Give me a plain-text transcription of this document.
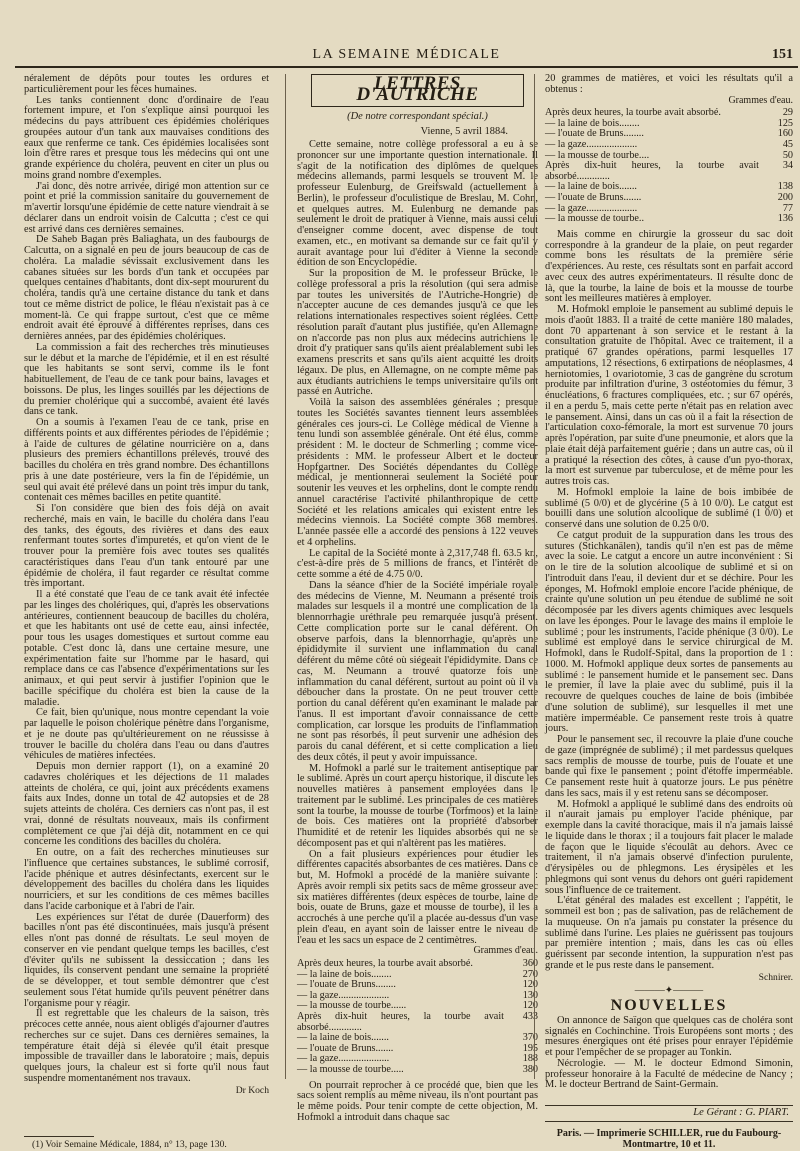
LA SEMAINE MÉDICALE	151

néralement de dépôts pour toutes les ordures et particulièrement pour les fèces humaines.

Les tanks contiennent donc d'ordinaire de l'eau fortement impure, et l'on s'explique ainsi pourquoi les médecins du pays attribuent ces épidémies cholériques groupées autour d'un tank aux mauvaises conditions des eaux que renferme ce tank. Ces épidémies localisées sont loin d'être rares et presque tous les médecins qui ont une grande expérience du choléra, peuvent en citer un plus ou moins grand nombre d'exemples.

J'ai donc, dès notre arrivée, dirigé mon attention sur ce point et prié la commission sanitaire du gouvernement de m'avertir lorsqu'une épidémie de cette nature viendrait à se déclarer dans un endroit voisin de Calcutta ; c'est ce qui est arrivé dans ces dernières semaines.

De Saheb Bagan près Baliaghata, un des faubourgs de Calcutta, on a signalé en peu de jours beaucoup de cas de choléra. La maladie sévissait exclusivement dans les cabanes situées sur les bords d'un tank et occupées par quelques centaines d'habitants, dont dix-sept moururent du choléra, tandis qu'à une certaine distance du tank et dans tout ce même district de police, le fléau n'existait pas à ce moment-là. Ce qui frappe surtout, c'est que ce même endroit avait été éprouvé à différentes reprises, dans ces dernières années, par des épidémies cholériques.

La commission a fait des recherches très minutieuses sur le début et la marche de l'épidémie, et il en est résulté que les habitants se sont servi, comme ils le font habituellement, de l'eau de ce tank pour bains, lavages et boissons. De plus, les linges souillés par les déjections de du premier cholérique qui a succombé, avaient été lavés dans ce tank.

On a soumis à l'examen l'eau de ce tank, prise en différents points et aux différentes périodes de l'épidémie ; à l'aide de cultures de gélatine nourricière on a, dans plusieurs des premiers échantillons prélevés, trouvé des bacilles du choléra en très grand nombre. Des échantillons pris à une date postérieure, vers la fin de l'épidémie, un seul qui avait été prélevé dans un point très impur du tank, contenait ces mêmes bacilles en petite quantité.

Si l'on considère que bien des fois déjà on avait recherché, mais en vain, le bacille du choléra dans l'eau des tanks, des égouts, des rivières et dans des eaux renfermant toutes sortes d'impuretés, et qu'on vient de le trouver pour la première fois avec toutes ses qualités caractéristiques dans l'eau d'un tank entouré par une épidémie de choléra, il faut regarder ce résultat comme très important.

Il a été constaté que l'eau de ce tank avait été infectée par les linges des cholériques, qui, d'après les observations antérieures, contiennent beaucoup de bacilles du choléra, et que les habitants ont usé de cette eau, ainsi infectée, pour tous les usages domestiques et surtout comme eau potable. C'est donc là, dans une certaine mesure, une expérimentation faite sur l'homme par le hasard, qui remplace dans ce cas l'absence d'expérimentations sur les animaux, et qui peut servir à justifier l'opinion que le bacille spécifique du choléra est bien la cause de la maladie.

Ce fait, bien qu'unique, nous montre cependant la voie par laquelle le poison cholérique pénètre dans l'organisme, et je ne doute pas qu'ultérieurement on ne réussisse à trouver le bacille du choléra dans l'eau ou dans d'autres véhicules de matières infectées.

Depuis mon dernier rapport (1), on a examiné 20 cadavres cholériques et les déjections de 11 malades atteints de choléra, ce qui, joint aux précédents examens faits aux Indes, donne un total de 42 autopsies et de 28 sujets atteints de choléra. Ces derniers cas n'ont pas, il est vrai, donné de résultats nouveaux, mais ils confirment complètement ce que j'ai déjà dit, notamment en ce qui concerne les conditions des bacilles du choléra.

En outre, on a fait des recherches minutieuses sur l'influence que certaines substances, le sublimé corrosif, l'acide phénique et autres désinfectants, exercent sur le développement des bacilles du choléra dans les liquides nourriciers, et sur les conditions de ces mêmes bacilles dans l'acide carbonique et à l'abri de l'air.

Les expériences sur l'état de durée (Dauerform) des bacilles n'ont pas été discontinuées, mais jusqu'à présent elles n'ont pas donné de résultats. Le seul moyen de conserver en vie pendant quelque temps les bacilles, c'est d'éviter qu'ils ne subissent la dessiccation ; dans les liquides, ils conservent pendant une semaine la propriété de se développer, et tout semble démontrer que c'est seulement sous l'état humide qu'ils peuvent pénétrer dans l'organisme pour y réagir.

Il est regrettable que les chaleurs de la saison, très précoces cette année, nous aient obligés d'ajourner d'autres recherches sur ce sujet. Dans ces dernières semaines, la température était déjà si élevée qu'il était presque impossible de travailler dans le laboratoire ; mais, depuis quelques jours, la chaleur est si forte qu'il nous faut suspendre momentanément nos travaux.

Dr Koch

(1) Voir Semaine Médicale, 1884, n° 13, page 130.

LETTRES D'AUTRICHE
(De notre correspondant spécial.)
Vienne, 5 avril 1884.

Cette semaine, notre collège professoral a eu à se prononcer sur une importante question internationale. Il s'agit de la notification des diplômes de quelques médecins allemands, parmi lesquels se trouvent M. le professeur Eulenburg, de Greifswald (actuellement à Berlin), le professeur d'oculistique de Breslau, M. Cohn, et quelques autres. M. Eulenburg ne demande pas seulement le droit de pratiquer à Vienne, mais aussi celui d'enseigner comme docent, avec dispense de tout examen, etc., en motivant sa demande sur ce fait qu'il y aurait avantage pour lui d'éditer à Vienne la seconde édition de son Encyclopédie.

Sur la proposition de M. le professeur Brücke, le collège professoral a pris la résolution (qui sera admise par toutes les universités de l'Autriche-Hongrie) de n'accepter aucune de ces demandes jusqu'à ce que les relations internationales respectives soient réglées. Cette résolution paraît d'autant plus justifiée, qu'en Allemagne on n'accorde pas non plus aux médecins autrichiens le droit d'y pratiquer sans qu'ils aient préalablement subi les examens prescrits et sans qu'ils aient acquitté les droits légaux. De plus, en Allemagne, on ne compte même pas aux étudiants autrichiens le temps universitaire qu'ils ont passé en Autriche.

Voilà la saison des assemblées générales ; presque toutes les Sociétés savantes tiennent leurs assemblées générales ces jours-ci. Le Collège médical de Vienne a tenu lundi son assemblée générale. Ont été élus, comme président : M. le docteur de Schmerling ; comme vice-présidents : MM. le professeur Albert et le docteur Hopfgartner. Des Sociétés dépendantes du Collège médical, je mentionnerai seulement la Société pour soutenir les veuves et les orphelins, dont le compte rendu annuel caractérise l'activité philanthropique de cette Société et les relations amicales qui existent entre les médecins viennois. La Société compte 368 membres. L'année passée elle a accordé des pensions à 122 veuves et 4 orphelins.

Le capital de la Société monte à 2,317,748 fl. 63.5 kr., c'est-à-dire près de 5 millions de francs, et l'intérêt de cette somme a été de 4.75 0/0.

Dans la séance d'hier de la Société impériale royale des médecins de Vienne, M. Neumann a présenté trois malades sur lesquels il a montré une complication de la blennorrhagie uréthrale peu remarquée jusqu'à présent. Cette complication porte sur le canal déférent. On observe parfois, dans la blennorrhagie, qu'après une épididymite il survient une inflammation du canal déférent du même côté où siégeait l'épididymite. Dans ce cas, M. Neumann a trouvé quatorze fois une inflammation du canal déférent, surtout au point où il va déboucher dans la prostate. On ne peut trouver cette portion du canal déférent qu'en examinant le malade par l'anus. Il est important d'avoir connaissance de cette complication, car lorsque les produits de l'inflammation ne sont pas résorbés, il peut survenir une adhésion des parois du canal déférent, et si cette complication a lieu des deux côtés, il peut y avoir impuissance.

M. Hofmokl a parlé sur le traitement antiseptique par le sublimé. Après un court aperçu historique, il discute les nouvelles matières à pansement employées dans le traitement par le sublimé. Les principales de ces matières sont la tourbe, la mousse de tourbe (Torfmoos) et la laine de bois. Ces matières ont la propriété d'absorber l'humidité et de retenir les liquides absorbés qui ne se décomposent pas et qui n'altèrent pas les matières.

On a fait plusieurs expériences pour étudier les différentes capacités absorbantes de ces matières. Dans ce but, M. Hofmokl a procédé de la manière suivante : Après avoir rempli six petits sacs de même grosseur avec six matières différentes (deux espèces de tourbe, laine de bois, ouate de Bruns, gaze et mousse de tourbe), il les a accrochés à une perche qu'il a placée au-dessus d'un vase plein d'eau, en ayant soin de laisser entre le niveau de l'eau et les sacs un espace de 2 centimètres.

Grammes d'eau.
Après deux heures, la tourbe avait absorbé.	360
— la laine de bois........	270
— l'ouate de Bruns........	120
— la gaze....................	130
— la mousse de tourbe......	120
Après dix-huit heures, la tourbe avait absorbé.............	433
— la laine de bois.......	370
— l'ouate de Bruns.......	195
— la gaze....................	188
— la mousse de tourbe.....	380

On pourrait reprocher à ce procédé que, bien que les sacs soient remplis au même niveau, ils n'ont pourtant pas le même poids. Pour tenir compte de cette objection, M. Hofmokl a introduit dans chaque sac

20 grammes de matières, et voici les résultats qu'il a obtenus :

Grammes d'eau.
Après deux heures, la tourbe avait absorbé.	29
— la laine de bois........	125
— l'ouate de Bruns........	160
— la gaze....................	45
— la mousse de tourbe....	50
Après dix-huit heures, la tourbe avait absorbé.............	34
— la laine de bois.......	138
— l'ouate de Bruns.......	200
— la gaze....................	77
— la mousse de tourbe..	136

Mais comme en chirurgie la grosseur du sac doit correspondre à la grandeur de la plaie, on peut regarder comme bons les résultats de la première série d'expériences. Au reste, ces résultats sont en parfait accord avec ceux des autres expérimentateurs. Il résulte donc de là, que la tourbe, la laine de bois et la mousse de tourbe sont les meilleures matières à employer.

M. Hofmokl emploie le pansement au sublimé depuis le mois d'août 1883. Il a traité de cette manière 180 malades, dont 70 appartenant à son service et le restant à la consultation gratuite de l'hôpital. Avec ce traitement, il a pratiqué 67 grandes opérations, parmi lesquelles 17 amputations, 12 résections, 6 extirpations de néoplasmes, 4 herniotomies, 1 ovariotomie, 3 cas de gangrène du scrotum produite par infiltration d'urine, 3 ostéotomies du fémur, 3 énucléations, 6 fractures compliquées, etc. ; sur 67 opérés, il en a perdu 5, mais cette perte n'était pas en relation avec le pansement. Ainsi, dans un cas où il a fait la résection de l'articulation coxo-fémorale, la mort est survenue 70 jours après l'opération, par suite d'une pneumonie, et alors que la plaie était déjà parfaitement guérie ; dans un autre cas, où il a pratiqué la résection des côtes, à cause d'un pyo-thorax, la mort est survenue par tuberculose, et de même pour les autres trois cas.

M. Hofmokl emploie la laine de bois imbibée de sublimé (5 0/0) et de glycérine (5 à 10 0/0). Le catgut est bouilli dans une solution alcoolique de sublimé (1 0/0) et conservé dans une solution de 0.25 0/0.

Ce catgut produit de la suppuration dans les trous des sutures (Stichkanälen), tandis qu'il n'en est pas de même avec la soie. Le catgut a encore un autre inconvénient : Si on le tire de la solution alcoolique de sublimé et si on l'introduit dans l'eau, il devient dur et se déchire. Pour les éponges, M. Hofmokl emploie encore l'acide phénique, de crainte qu'une solution un peu étendue de sublimé ne soit décomposée par les divers agents chimiques avec lesquels on lave les éponges. Pour le lavage des mains il emploie le sublimé ; pour les instruments, l'acide phénique (3 0/0). Le sublimé est employé dans le service chirurgical de M. Hofmokl, dans le Rudolf-Spital, dans la proportion de 1 : 1000. M. Hofmokl applique deux sortes de pansements au sublimé : le pansement humide et le pansement sec. Dans le premier, il lave la plaie avec du sublimé, puis il la recouvre de quelques couches de laine de bois (imbibée d'une solution de sublimé), sur lesquelles il met une matière imperméable. Ce pansement reste trois à quatre jours.

Pour le pansement sec, il recouvre la plaie d'une couche de gaze (imprégnée de sublimé) ; il met pardessus quelques sacs remplis de mousse de tourbe, puis de l'ouate et une bande qui fixe le pansement ; point d'étoffe imperméable. Ce pansement reste huit à quatorze jours. Le pus pénètre dans les sacs, mais il y est retenu sans se décomposer.

M. Hofmokl a appliqué le sublimé dans des endroits où il n'aurait jamais pu employer l'acide phénique, par exemple dans la cavité thoracique, mais il n'a jamais laissé le liquide dans le thorax ; il a toujours fait placer le malade de façon que le liquide s'écoulât au dehors. Avec ce traitement, il n'a jamais observé d'infection purulente, d'érysipèles ou de phlegmons. Les érysipèles et les phlegmons qui sont venus du dehors ont guéri rapidement sous l'influence de ce traitement.

L'état général des malades est excellent ; l'appétit, le sommeil est bon ; pas de salivation, pas de relâchement de la muqueuse. On n'a jamais pu constater la présence du sublimé dans l'urine. Les plaies ne guérissent pas toujours par première intention ; mais, dans les cas où elles guérissent par seconde intention, la suppuration n'est pas grande et le pus reste dans le pansement.

Schnirer.
———✦———
NOUVELLES

On annonce de Saïgon que quelques cas de choléra sont signalés en Cochinchine. Trois Européens sont morts ; des mesures énergiques ont été prises pour enrayer l'épidémie et pour l'empêcher de se propager au Tonkin.

Nécrologie. — M. le docteur Edmond Simonin, professeur honoraire à la Faculté de médecine de Nancy ; M. le docteur Bertrand de Saint-Germain.

Le Gérant : G. PIART.
Paris. — Imprimerie SCHILLER, rue du Faubourg-Montmartre, 10 et 11.
